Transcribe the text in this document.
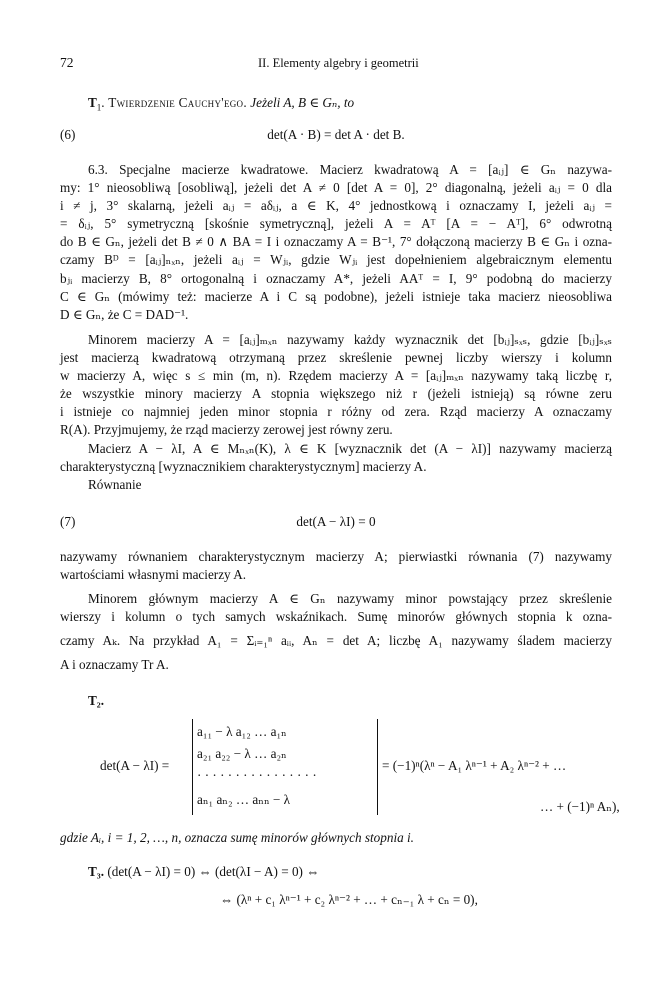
72	II. Elementy algebry i geometrii
$T_1$. Twierdzenie Cauchy'ego. Jeżeli A, B ∈ Gₙ, to
(6)	det(A · B) = det A · det B.

6.3. Specjalne macierze kwadratowe. Macierz kwadratową A = [aᵢⱼ] ∈ Gₙ nazywa-

my: 1° nieosobliwą [osobliwą], jeżeli det A ≠ 0 [det A = 0], 2° diagonalną, jeżeli aᵢⱼ = 0 dla

i ≠ j, 3° skalarną, jeżeli aᵢⱼ = aδᵢⱼ, a ∈ K, 4° jednostkową i oznaczamy I, jeżeli aᵢⱼ =

= δᵢⱼ, 5° symetryczną [skośnie symetryczną], jeżeli A = Aᵀ [A = − Aᵀ], 6° odwrotną

do B ∈ Gₙ, jeżeli det B ≠ 0 ∧ BA = I i oznaczamy A = B⁻¹, 7° dołączoną macierzy B ∈ Gₙ i ozna-

czamy Bᴰ = [aᵢⱼ]ₙₓₙ, jeżeli aᵢⱼ = Wⱼᵢ, gdzie Wⱼᵢ jest dopełnieniem algebraicznym elementu

bⱼᵢ macierzy B, 8° ortogonalną i oznaczamy A*, jeżeli AAᵀ = I, 9° podobną do macierzy

C ∈ Gₙ (mówimy też: macierze A i C są podobne), jeżeli istnieje taka macierz nieosobliwa

D ∈ Gₙ, że C = DAD⁻¹.

Minorem macierzy A = [aᵢⱼ]ₘₓₙ nazywamy każdy wyznacznik det [bᵢⱼ]ₛₓₛ, gdzie [bᵢⱼ]ₛₓₛ

jest macierzą kwadratową otrzymaną przez skreślenie pewnej liczby wierszy i kolumn

w macierzy A, więc s ≤ min (m, n). Rzędem macierzy A = [aᵢⱼ]ₘₓₙ nazywamy taką liczbę r,

że wszystkie minory macierzy A stopnia większego niż r (jeżeli istnieją) są równe zeru

i istnieje co najmniej jeden minor stopnia r różny od zera. Rząd macierzy A oznaczamy

R(A). Przyjmujemy, że rząd macierzy zerowej jest równy zeru.

Macierz A − λI, A ∈ Mₙₓₙ(K), λ ∈ K [wyznacznik det (A − λI)] nazywamy macierzą

charakterystyczną [wyznacznikiem charakterystycznym] macierzy A.

Równanie

(7)	det(A − λI) = 0

nazywamy równaniem charakterystycznym macierzy A; pierwiastki równania (7) nazywamy

wartościami własnymi macierzy A.

Minorem głównym macierzy A ∈ Gₙ nazywamy minor powstający przez skreślenie

wierszy i kolumn o tych samych wskaźnikach. Sumę minorów głównych stopnia k ozna-

czamy Aₖ. Na przykład A₁ = Σᵢ₌₁ⁿ aᵢᵢ, Aₙ = det A; liczbę A₁ nazywamy śladem macierzy

A i oznaczamy Tr A.

T₂.
det(A − λI) =
a₁₁ − λ a₁₂ … a₁ₙ
a₂₁ a₂₂ − λ … a₂ₙ
· · · · · · · · · · · · · · · ·
aₙ₁ aₙ₂ … aₙₙ − λ
= (−1)ⁿ(λⁿ − A₁ λⁿ⁻¹ + A₂ λⁿ⁻² + …
… + (−1)ⁿ Aₙ),
gdzie Aᵢ, i = 1, 2, …, n, oznacza sumę minorów głównych stopnia i.
T₃. (det(A − λI) = 0) ⇔ (det(λI − A) = 0) ⇔
⇔ (λⁿ + c₁ λⁿ⁻¹ + c₂ λⁿ⁻² + … + cₙ₋₁ λ + cₙ = 0),
